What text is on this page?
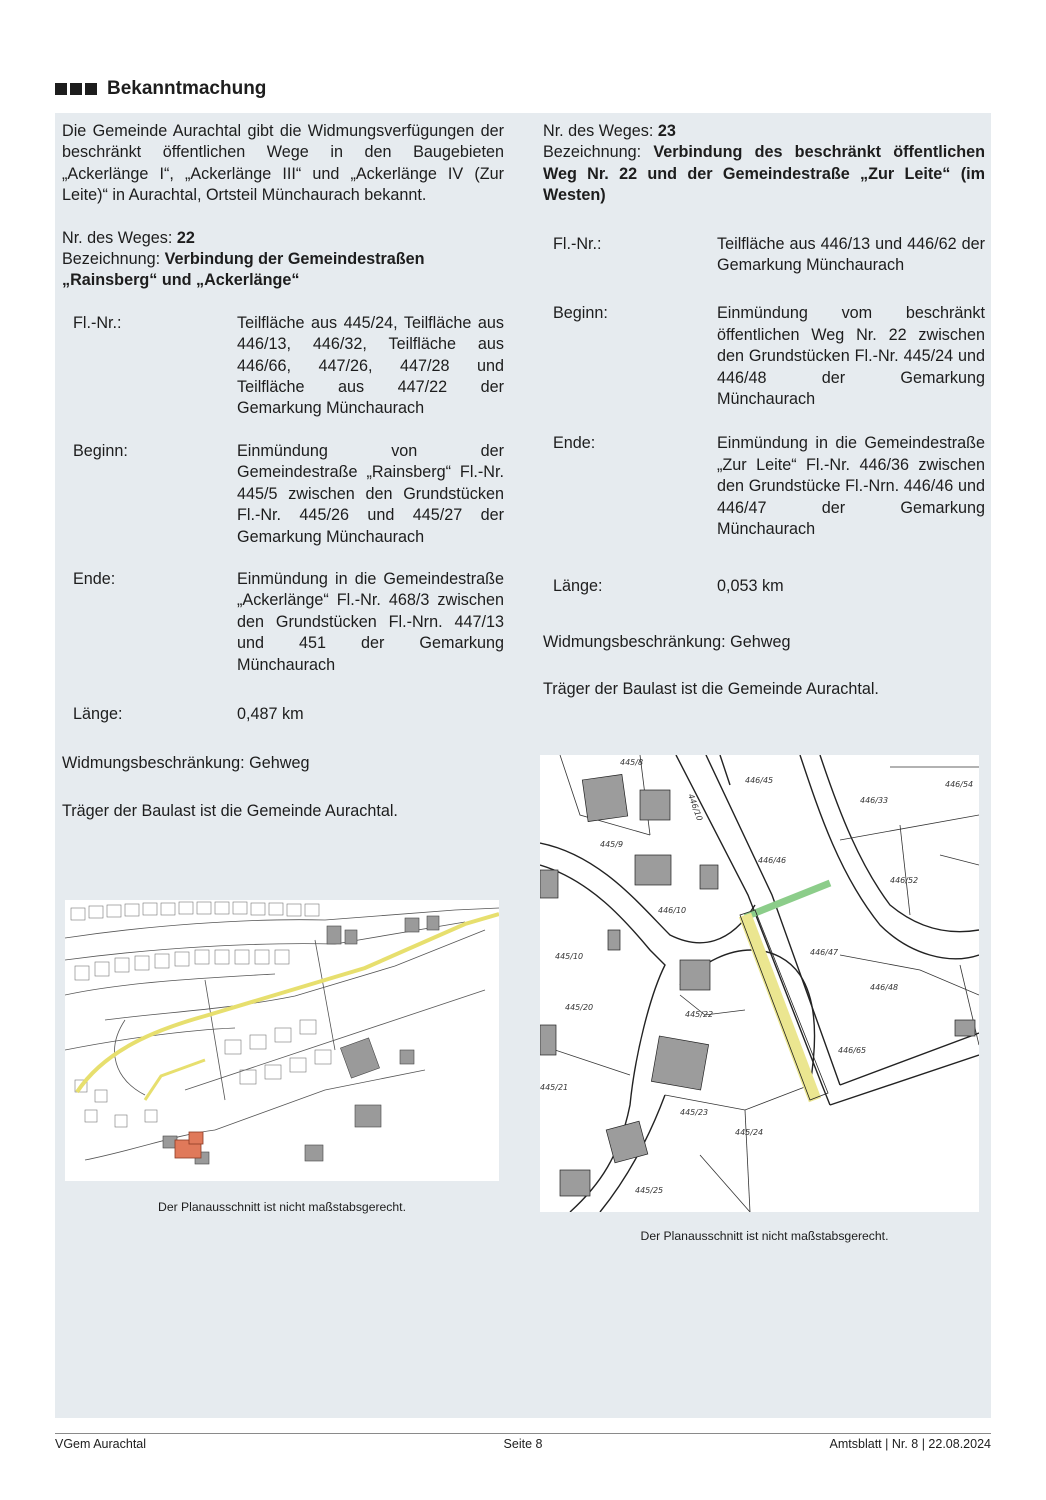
Bekanntmachung

Die Gemeinde Aurachtal gibt die Widmungsverfügungen der beschränkt öffentlichen Wege in den Baugebieten „Ackerlänge I“, „Ackerlänge III“ und „Ackerlänge IV (Zur Leite)“ in Aurachtal, Ortsteil Münchaurach bekannt.

Nr. des Weges: 22

Bezeichnung: Verbindung der Gemeindestraßen „Rainsberg“ und „Ackerlänge“

Fl.-Nr.:	Teilfläche aus 445/24, Teilfläche aus 446/13, 446/32, Teilfläche aus 446/66, 447/26, 447/28 und Teilfläche aus 447/22 der Gemarkung Münchaurach
Beginn:	Einmündung von der Gemeindestraße „Rainsberg“ Fl.-Nr. 445/5 zwischen den Grundstücken Fl.-Nr. 445/26 und 445/27 der Gemarkung Münchaurach
Ende:	Einmündung in die Gemeindestraße „Ackerlänge“ Fl.-Nr. 468/3 zwischen den Grundstücken Fl.-Nrn. 447/13 und 451 der Gemarkung Münchaurach
Länge:	0,487 km

Widmungsbeschränkung: Gehweg

Träger der Baulast ist die Gemeinde Aurachtal.

Der Planausschnitt ist nicht maßstabsgerecht.

Nr. des Weges: 23

Bezeichnung: Verbindung des beschränkt öffentlichen Weg Nr. 22 und der Gemeindestraße „Zur Leite“ (im Westen)

Fl.-Nr.:	Teilfläche aus 446/13 und 446/62 der Gemarkung Münchaurach
Beginn:	Einmündung vom beschränkt öffentlichen Weg Nr. 22 zwischen den Grundstücken Fl.-Nr. 445/24 und 446/48 der Gemarkung Münchaurach
Ende:	Einmündung in die Gemeindestraße „Zur Leite“ Fl.-Nr. 446/36 zwischen den Grundstücke Fl.-Nrn. 446/46 und 446/47 der Gemarkung Münchaurach
Länge:	0,053 km

Widmungsbeschränkung: Gehweg

Träger der Baulast ist die Gemeinde Aurachtal.

445/8
446/45
446/10	446/33
446/54
445/9
446/46
446/52
446/10
445/10	446/47
446/48
445/20
445/22
446/65
445/21
445/23
445/24
445/25
Der Planausschnitt ist nicht maßstabsgerecht.
VGem Aurachtal	Seite 8	Amtsblatt | Nr. 8 | 22.08.2024
